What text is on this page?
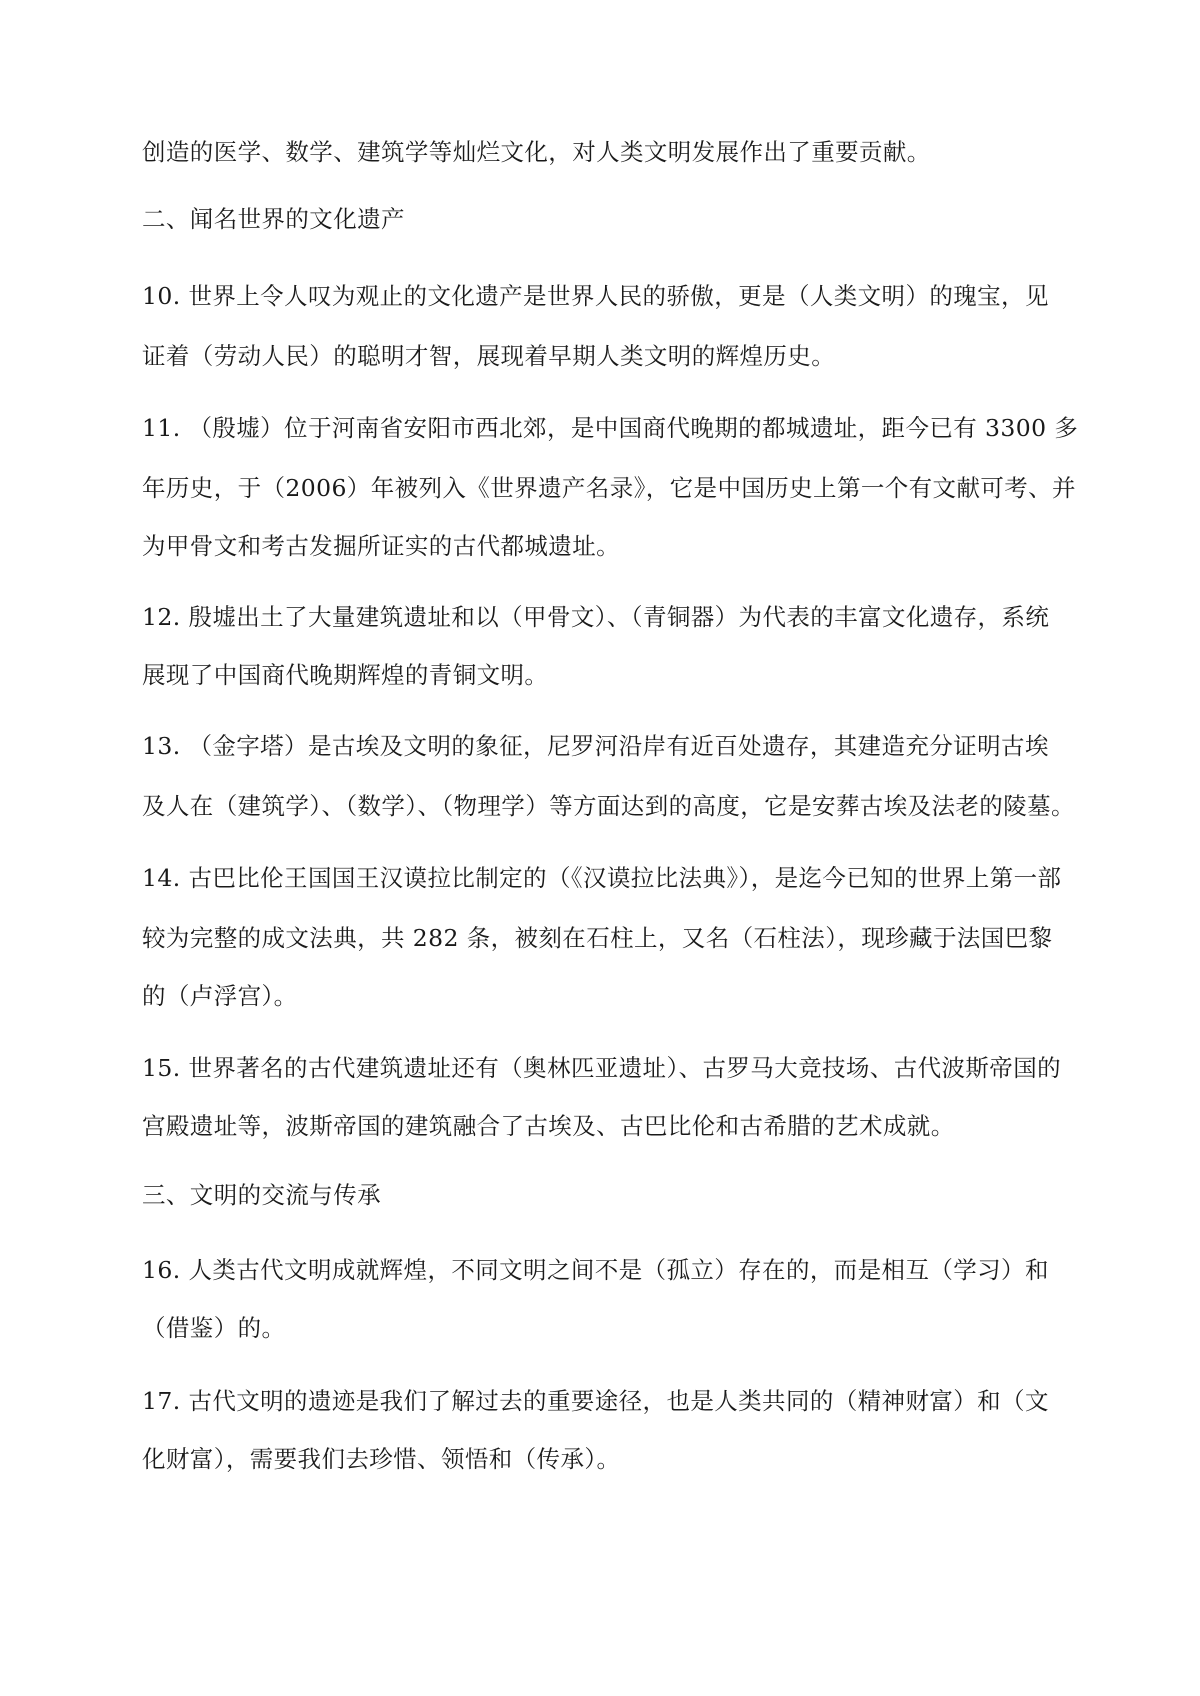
创造的医学、数学、建筑学等灿烂文化，对人类文明发展作出了重要贡献。
二、闻名世界的文化遗产
10. 世界上令人叹为观止的文化遗产是世界人民的骄傲，更是（人类文明）的瑰宝，见
证着（劳动人民）的聪明才智，展现着早期人类文明的辉煌历史。
11. （殷墟）位于河南省安阳市西北郊，是中国商代晚期的都城遗址，距今已有 3300 多
年历史，于（2006）年被列入《世界遗产名录》，它是中国历史上第一个有文献可考、并
为甲骨文和考古发掘所证实的古代都城遗址。
12. 殷墟出土了大量建筑遗址和以（甲骨文）、（青铜器）为代表的丰富文化遗存，系统
展现了中国商代晚期辉煌的青铜文明。
13. （金字塔）是古埃及文明的象征，尼罗河沿岸有近百处遗存，其建造充分证明古埃
及人在（建筑学）、（数学）、（物理学）等方面达到的高度，它是安葬古埃及法老的陵墓。
14. 古巴比伦王国国王汉谟拉比制定的（《汉谟拉比法典》），是迄今已知的世界上第一部
较为完整的成文法典，共 282 条，被刻在石柱上，又名（石柱法），现珍藏于法国巴黎
的（卢浮宫）。
15. 世界著名的古代建筑遗址还有（奥林匹亚遗址）、古罗马大竞技场、古代波斯帝国的
宫殿遗址等，波斯帝国的建筑融合了古埃及、古巴比伦和古希腊的艺术成就。
三、文明的交流与传承
16. 人类古代文明成就辉煌，不同文明之间不是（孤立）存在的，而是相互（学习）和
（借鉴）的。
17. 古代文明的遗迹是我们了解过去的重要途径，也是人类共同的（精神财富）和（文
化财富），需要我们去珍惜、领悟和（传承）。
